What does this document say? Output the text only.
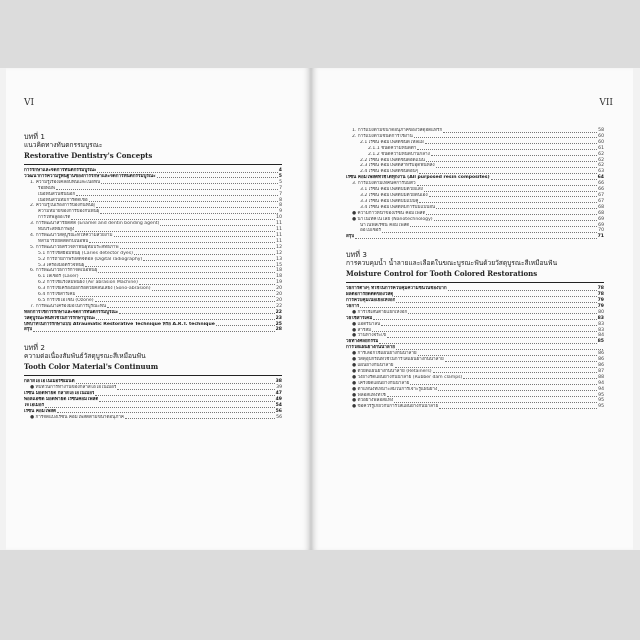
VI
บทที่ 1
แนวคิดทางทันตกรรมบูรณะ
Restorative Dentistry's Concepts
การรักษาและจัดการทันตกรรมบูรณะ	4
วิวัฒนาการความรู้พื้นฐานของการรักษาและจัดการทันตกรรมบูรณะ	5
1. ความรู้เรื่องเคลือบฟันและเนื้อฟัน	5
รอยพิมพ์	7
เนื้อฟันส่วนชั้นนอก	7
เนื้อฟันส่วนที่มีการติดเชื้อ	8
2. ความรู้ในเรื่องการป้องกันฟันผุ	8
ความหมายของการป้องกันฟันผุ	9
การให้ฟลูออไรด์	10
3. การพัฒนาสารยึดติด (Enamel and dentin bonding agent)	11
ที่มีประสิทธิภาพสูง	11
4. การพัฒนาวัสดุบูรณะที่ให้ความสวยงาม	11
ที่สามารถยึดติดกับเนื้อฟัน	11
5. การพัฒนาวิธีตรวจหาฟันผุที่มีประสิทธิภาพ	12
5.1 การใช้สีย้อมฟันผุ (Caries detector dyes)	12
5.2 การถ่ายภาพรังสีดิจิตอล (Digital radiography)	13
5.3 เครื่องมือตรวจฟันผุ	15
6. การพัฒนาวิธีการกำจัดเนื้อฟันผุ	18
6.1 เลเซอร์ (Laser)	18
6.2 การใช้แรงลมพ่นผง (Air abrasion Machine)	19
6.3 การใช้เครื่องมือกรอด้วยคลื่นเสียง (Sono-abrasion)	20
6.4 การใช้สารเคมี	20
6.5 การใช้โอโซน (Ozone)	20
7. การพัฒนาเครื่องมือในการบูรณะฟัน	22
หลักการใช้การรักษาและจัดการทันตกรรมบูรณะ	22
วัสดุบูรณะฟันที่ใช้ในการรักษาบูรณะ	23
บทบาทในการรักษาแบบ Atraumatic Restorative Technique หรือ A.R.T. technique	25
สรุป	28
บทที่ 2
ความต่อเนื่องสัมพันธ์วัสดุบูรณะสีเหมือนฟัน
Tooth Color Material's Continuum
กลาสไอโอโนเมอร์ซีเมนต์	38
● ทบทวนการทำงานของกลาสไอโอโนเมอร์	39
เรซิน มอดิฟายด์ กลาสไอโอโนเมอร์	47
พอลิแอซิด มอดิฟายด์ เรซินคอมโพสิต	49
ไจโอเมอร์	54
เรซิน คอมโพสิต	56
● การจัดแบ่งเรซิน คอมโพสิตตามขนาดอนุภาค	56
VII
1. การแบ่งตามขนาดอนุภาคของวัสดุอัดแทรก	58
2. การแบ่งตามชนิดการใช้งาน	60
2.1 เรซิน คอมโพสิตชนิดไหลแผ่	60
2.1.1 ชนิดความหนืดต่ำ	61
2.1.2 ชนิดความหนืดปานกลาง	62
2.2 เรซิน คอมโพสิตชนิดอัดแน่น	62
2.3 เรซิน คอมโพสิตสำหรับอุดฟันหลัง	62
2.4 เรซิน คอมโพสิตชนิดอื่นๆ	63
เรซิน คอมโพสิตที่ใช้ได้ทุกงาน (All purposed resin composites)	64
3. การแบ่งตามเทคนิคการบ่มตัว	66
3.1 เรซิน คอมโพสิตบ่มด้วยแสง	66
3.2 เรซิน คอมโพสิตบ่มด้วยตนเอง	67
3.3 เรซิน คอมโพสิตบ่มแบบคู่	67
3.4 เรซิน คอมโพสิตที่มีการบ่มแบบอื่น	68
● ความก้าวหน้าของเรซิน คอมโพสิต	68
● นาโนเทคโนโลยี (Nanotechnology)	69
นาโนฟิลเรซิน คอมโพสิต	69
ออโมเซอร์	70
สรุป	71
บทที่ 3
การควบคุมน้ำ น้ำลายและเลือดในขณะบูรณะฟันด้วยวัสดุบูรณะสีเหมือนฟัน
Moisture Control for Tooth Colored Restorations
วิธีการต่างๆ ที่ใช้ในการควบคุมความชื้นในช่องปาก	78
ผลต่อการยึดติดของวัสดุ	78
การควบคุมเนื้อเยื่อเหงือก	79
วิธีการ	79
● การใช้เส้นด้ายแยกเหงือก	80
วิธีใช้สารเคมี	83
● แอดรีนาลีน	83
● สารส้ม	83
● ว่านหางจระเข้	84
วิธีทางศัลยกรรม	85
การใส่แผ่นยางกันน้ำลาย
● การเลือกใช้แผ่นยางกันน้ำลาย	86
● วัสดุอุปกรณ์ที่ใช้ในการใส่แผ่นยางกันน้ำลาย	86
● แผ่นยางกันน้ำลาย	86
● ตัวยึดแผ่นยางกันน้ำลาย (Retainers)	87
● วงยางรัดแผ่นยางกันน้ำลาย (Rubber dam clamps)	88
● โครงยึดแผ่นยางกันน้ำลาย	94
● ตำแหน่งที่เหมาะสมในการเจาะรูแผ่นยาง	94
● ฟลอสแท่งที่ใช้	95
● ตัวอย่างฟลอสแท่ง	95
● ข้อควรรู้เกี่ยวกับการใส่แผ่นยางกันน้ำลาย	95
